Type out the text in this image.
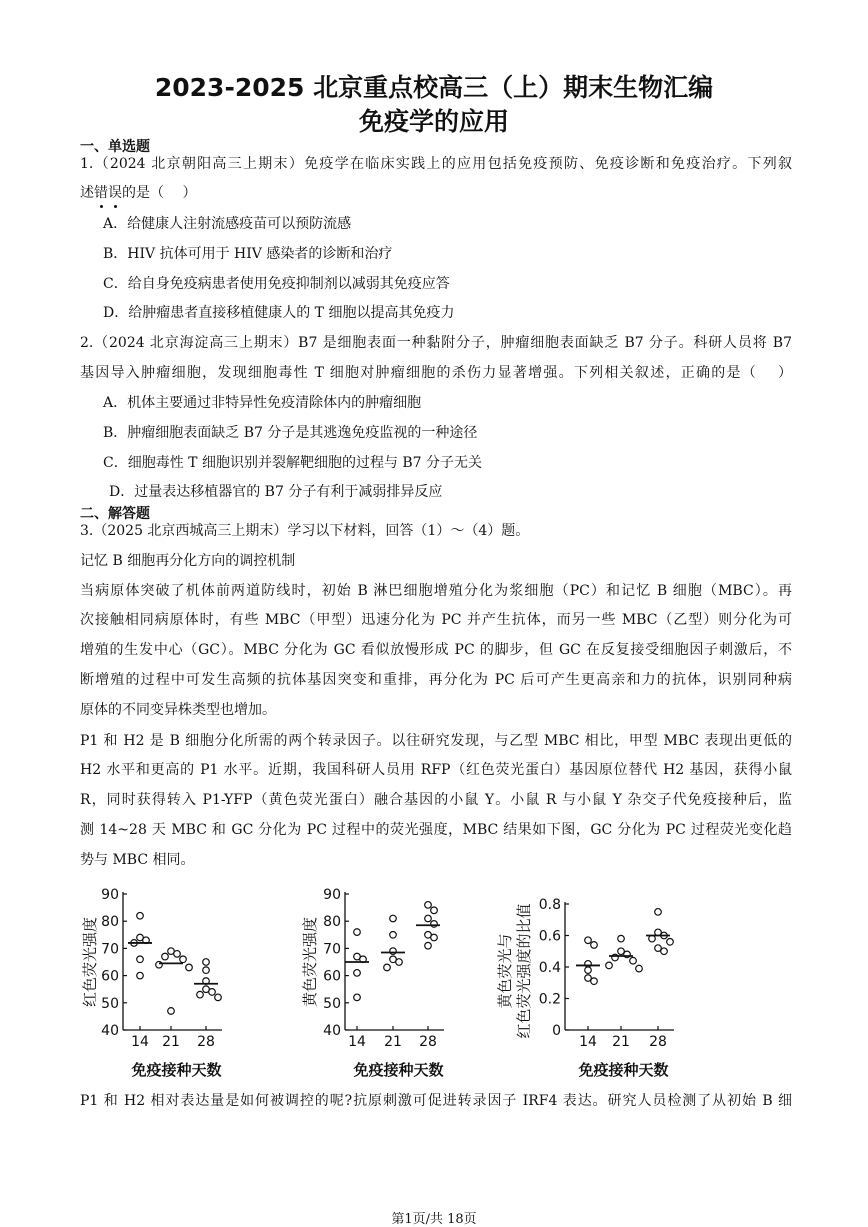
2023-2025 北京重点校高三（上）期末生物汇编
免疫学的应用
一、单选题
1.（2024 北京朝阳高三上期末）免疫学在临床实践上的应用包括免疫预防、免疫诊断和免疫治疗。下列叙
述错误的是（　 ）
A．给健康人注射流感疫苗可以预防流感
B．HIV 抗体可用于 HIV 感染者的诊断和治疗
C．给自身免疫病患者使用免疫抑制剂以减弱其免疫应答
D．给肿瘤患者直接移植健康人的 T 细胞以提高其免疫力
2.（2024 北京海淀高三上期末）B7 是细胞表面一种黏附分子，肿瘤细胞表面缺乏 B7 分子。科研人员将 B7
基因导入肿瘤细胞，发现细胞毒性 T 细胞对肿瘤细胞的杀伤力显著增强。下列相关叙述，正确的是（　 ）
A．机体主要通过非特异性免疫清除体内的肿瘤细胞
B．肿瘤细胞表面缺乏 B7 分子是其逃逸免疫监视的一种途径
C．细胞毒性 T 细胞识别并裂解靶细胞的过程与 B7 分子无关
D．过量表达移植器官的 B7 分子有利于减弱排异反应
二、解答题
3.（2025 北京西城高三上期末）学习以下材料，回答（1）～（4）题。
记忆 B 细胞再分化方向的调控机制
当病原体突破了机体前两道防线时，初始 B 淋巴细胞增殖分化为浆细胞（PC）和记忆 B 细胞（MBC）。再
次接触相同病原体时，有些 MBC（甲型）迅速分化为 PC 并产生抗体，而另一些 MBC（乙型）则分化为可
增殖的生发中心（GC）。MBC 分化为 GC 看似放慢形成 PC 的脚步，但 GC 在反复接受细胞因子刺激后，不
断增殖的过程中可发生高频的抗体基因突变和重排，再分化为 PC 后可产生更高亲和力的抗体，识别同种病
原体的不同变异株类型也增加。
P1 和 H2 是 B 细胞分化所需的两个转录因子。以往研究发现，与乙型 MBC 相比，甲型 MBC 表现出更低的
H2 水平和更高的 P1 水平。近期，我国科研人员用 RFP（红色荧光蛋白）基因原位替代 H2 基因，获得小鼠
R，同时获得转入 P1-YFP（黄色荧光蛋白）融合基因的小鼠 Y。小鼠 R 与小鼠 Y 杂交子代免疫接种后，监
测 14~28 天 MBC 和 GC 分化为 PC 过程中的荧光强度，MBC 结果如下图，GC 分化为 PC 过程荧光变化趋
势与 MBC 相同。
40
50
60
70
80
90
14 21 28
免疫接种天数
红色荧光强度
40
50
60
70
80
90
14 21 28
免疫接种天数
黄色荧光强度
0
0.2
0.4
0.6
0.8
14 21 28
免疫接种天数
黄色荧光与 红色荧光强度的比值
P1 和 H2 相对表达量是如何被调控的呢?抗原刺激可促进转录因子 IRF4 表达。研究人员检测了从初始 B 细
第1页/共 18页
